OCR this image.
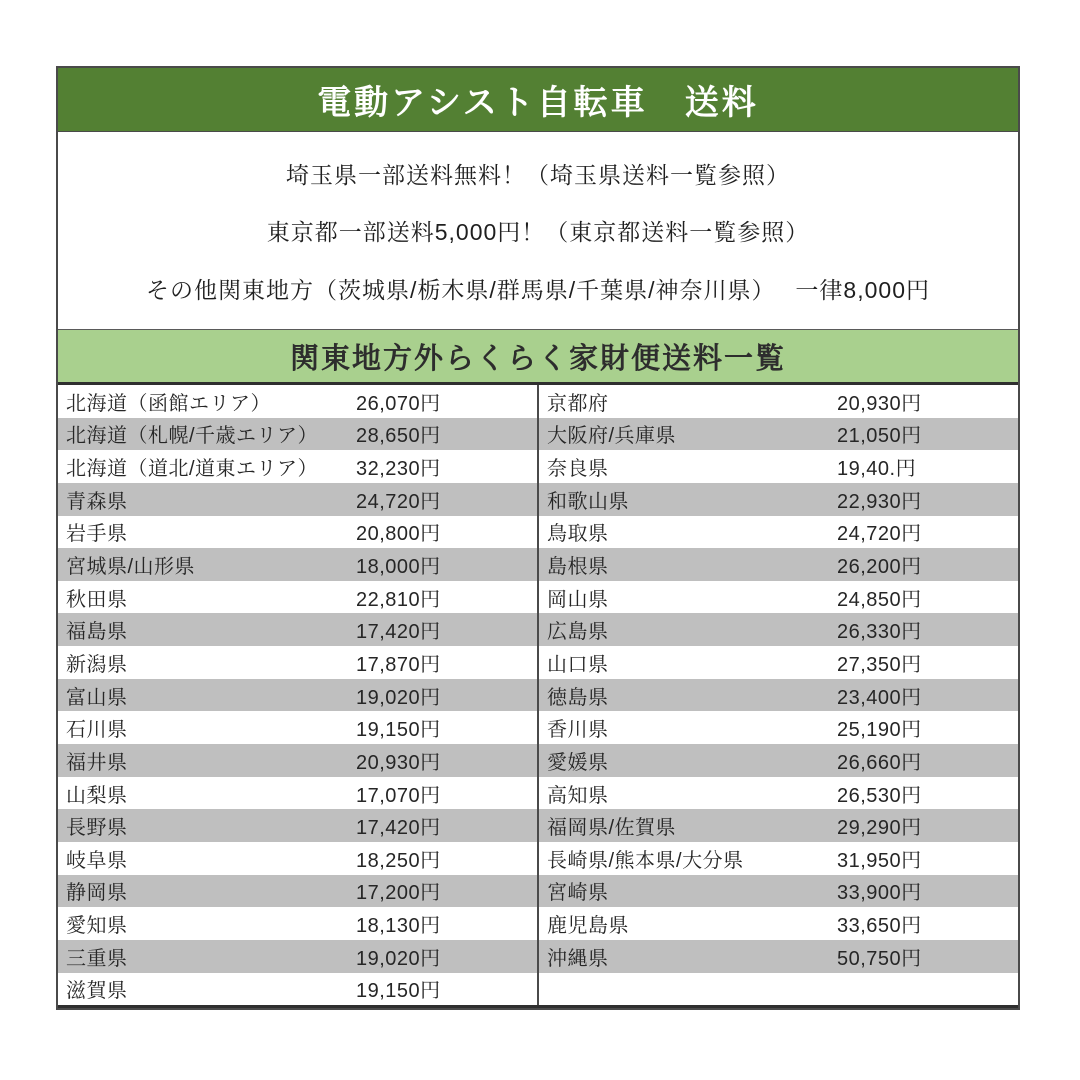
電動アシスト自転車　送料
埼玉県一部送料無料！（埼玉県送料一覧参照）
東京都一部送料5,000円！（東京都送料一覧参照）
その他関東地方（茨城県/栃木県/群馬県/千葉県/神奈川県）　 一律8,000円
関東地方外らくらく家財便送料一覧
北海道（函館エリア）	26,070円
北海道（札幌/千歳エリア）	28,650円
北海道（道北/道東エリア）	32,230円
青森県	24,720円
岩手県	20,800円
宮城県/山形県	18,000円
秋田県	22,810円
福島県	17,420円
新潟県	17,870円
富山県	19,020円
石川県	19,150円
福井県	20,930円
山梨県	17,070円
長野県	17,420円
岐阜県	18,250円
静岡県	17,200円
愛知県	18,130円
三重県	19,020円
滋賀県	19,150円
京都府	20,930円
大阪府/兵庫県	21,050円
奈良県	19,40.円
和歌山県	22,930円
鳥取県	24,720円
島根県	26,200円
岡山県	24,850円
広島県	26,330円
山口県	27,350円
徳島県	23,400円
香川県	25,190円
愛媛県	26,660円
高知県	26,530円
福岡県/佐賀県	29,290円
長崎県/熊本県/大分県	31,950円
宮崎県	33,900円
鹿児島県	33,650円
沖縄県	50,750円
